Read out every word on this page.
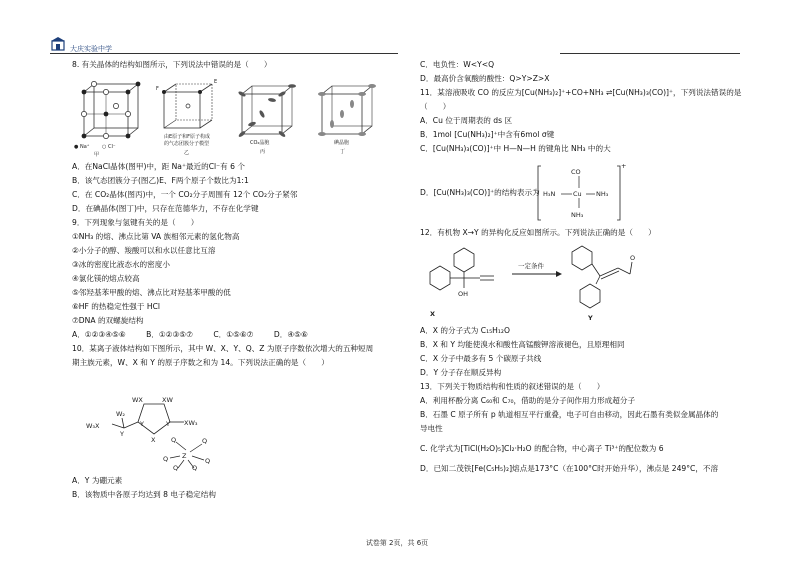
大庆实验中学
8. 有关晶体的结构如图所示，下列说法中错误的是（　　）
● Na⁺	○ Cl⁻
甲
F
E
由E原子和F原子构成
的气态团簇分子模型
乙
CO₂晶胞
丙
碘晶胞
丁
A．在NaCl晶体(图甲)中，距 Na⁺最近的Cl⁻有 6 个
B．该气态团簇分子(图乙)E、F两个原子个数比为1:1
C．在 CO₂晶体(图丙)中，一个 CO₂分子周围有 12个 CO₂分子紧邻
D．在碘晶体(图丁)中，只存在范德华力，不存在化学键
9．下列现象与氢键有关的是（　　）
①NH₃ 的熔、沸点比第 VA 族相邻元素的氢化物高
②小分子的醇、羧酸可以和水以任意比互溶
③冰的密度比液态水的密度小
④氯化镁的熔点较高
⑤邻羟基苯甲酸的熔、沸点比对羟基苯甲酸的低
⑥HF 的热稳定性强于 HCl
⑦DNA 的双螺旋结构
A．①②③④⑤⑥	B．①②③⑤⑦	C．①⑤⑥⑦	D．④⑤⑥
10．某离子液体结构如下图所示，其中 W、X、Y、Q、Z 为原子序数依次增大的五种短周
期主族元素，W、X 和 Y 的原子序数之和为 14。下列说法正确的是（　　）
WX	XW
Y	Y
X
XW₃
W₂
Y
W₃X
Z
Q	Q
Q	Q
Q Q
A．Y 为硼元素
B．该物质中各原子均达到 8 电子稳定结构
C．电负性：W<Y<Q
D．最高价含氧酸的酸性：Q>Y>Z>X
11．某溶液吸收 CO 的反应为[Cu(NH₃)₂]⁺+CO+NH₃ ⇌[Cu(NH₃)₃(CO)]⁺，下列说法错误的是
（　　）
A．Cu 位于周期表的 ds 区
B．1mol [Cu(NH₃)₂]⁺中含有6mol σ键
C．[Cu(NH₃)₃(CO)]⁺中 H—N—H 的键角比 NH₃ 中的大
D．[Cu(NH₃)₃(CO)]⁺的结构表示为
CO
Cu
H₃N	NH₃
NH₃
+
12．有机物 X→Y 的异构化反应如图所示。下列说法正确的是（　　）
OH
X
一定条件
O
Y
A．X 的分子式为 C₁₅H₁₂O
B．X 和 Y 均能使溴水和酸性高锰酸钾溶液褪色，且原理相同
C．X 分子中最多有 5 个碳原子共线
D．Y 分子存在顺反异构
13．下列关于物质结构和性质的叙述错误的是（　　）
A．利用杯酚分离 C₆₀和 C₇₀，借助的是分子间作用力形成超分子
B．石墨 C 原子所有 p 轨道相互平行重叠，电子可自由移动，因此石墨有类似金属晶体的
导电性
C. 化学式为[TiCl(H₂O)₅]Cl₂·H₂O 的配合物，中心离子 Ti³⁺的配位数为 6
D．已知二茂铁[Fe(C₅H₅)₂]熔点是173°C（在100°C时开始升华），沸点是 249°C，不溶
试卷第 2页，共 6页
